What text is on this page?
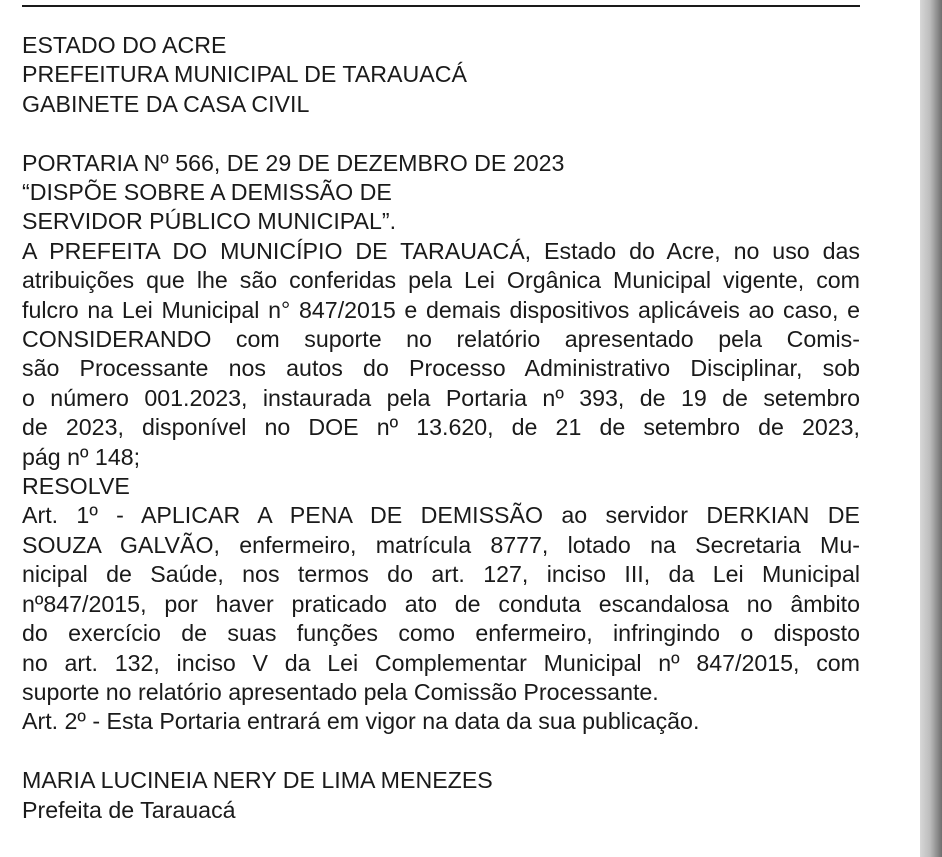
ESTADO DO ACRE
PREFEITURA MUNICIPAL DE TARAUACÁ
GABINETE DA CASA CIVIL
PORTARIA Nº 566, DE 29 DE DEZEMBRO DE 2023
“DISPÕE SOBRE A DEMISSÃO DE
SERVIDOR PÚBLICO MUNICIPAL”.
A PREFEITA DO MUNICÍPIO DE TARAUACÁ, Estado do Acre, no uso das
atribuições que lhe são conferidas pela Lei Orgânica Municipal vigente, com
fulcro na Lei Municipal n° 847/2015 e demais dispositivos aplicáveis ao caso, e
CONSIDERANDO com suporte no relatório apresentado pela Comis-
são Processante nos autos do Processo Administrativo Disciplinar, sob
o número 001.2023, instaurada pela Portaria nº 393, de 19 de setembro
de 2023, disponível no DOE nº 13.620, de 21 de setembro de 2023,
pág nº 148;
RESOLVE
Art. 1º - APLICAR A PENA DE DEMISSÃO ao servidor DERKIAN DE
SOUZA GALVÃO, enfermeiro, matrícula 8777, lotado na Secretaria Mu-
nicipal de Saúde, nos termos do art. 127, inciso III, da Lei Municipal
nº847/2015, por haver praticado ato de conduta escandalosa no âmbito
do exercício de suas funções como enfermeiro, infringindo o disposto
no art. 132, inciso V da Lei Complementar Municipal nº 847/2015, com
suporte no relatório apresentado pela Comissão Processante.
Art. 2º - Esta Portaria entrará em vigor na data da sua publicação.
MARIA LUCINEIA NERY DE LIMA MENEZES
Prefeita de Tarauacá
